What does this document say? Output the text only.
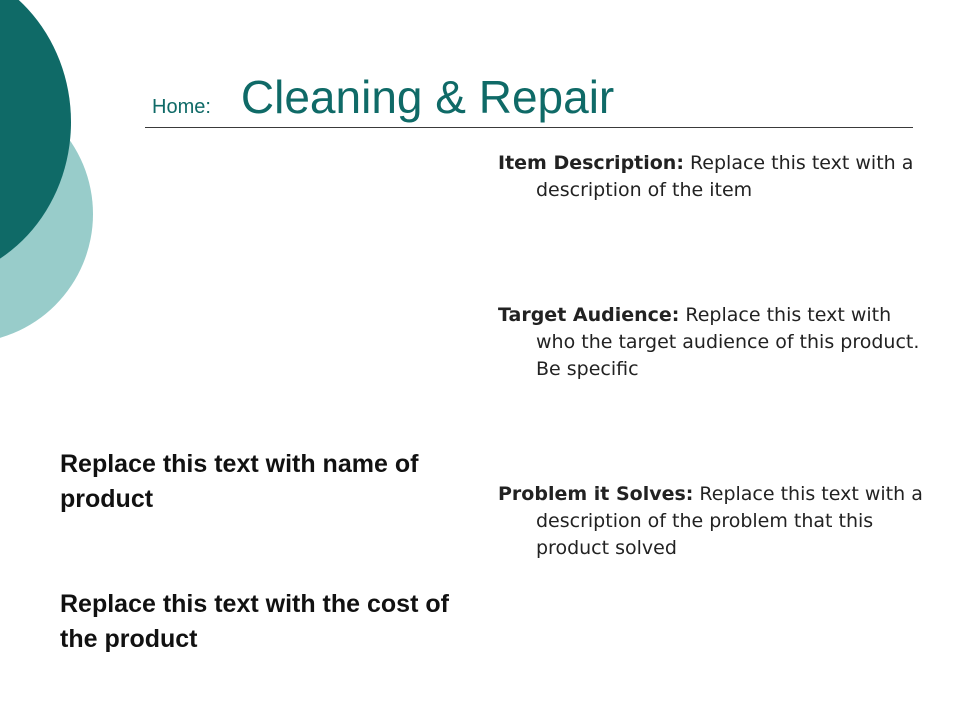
Home: Cleaning & Repair
Item Description: Replace this text with a description of the item
Target Audience: Replace this text with who the target audience of this product. Be specific
Problem it Solves: Replace this text with a description of the problem that this product solved
Replace this text with name of product
Replace this text with the cost of the product
